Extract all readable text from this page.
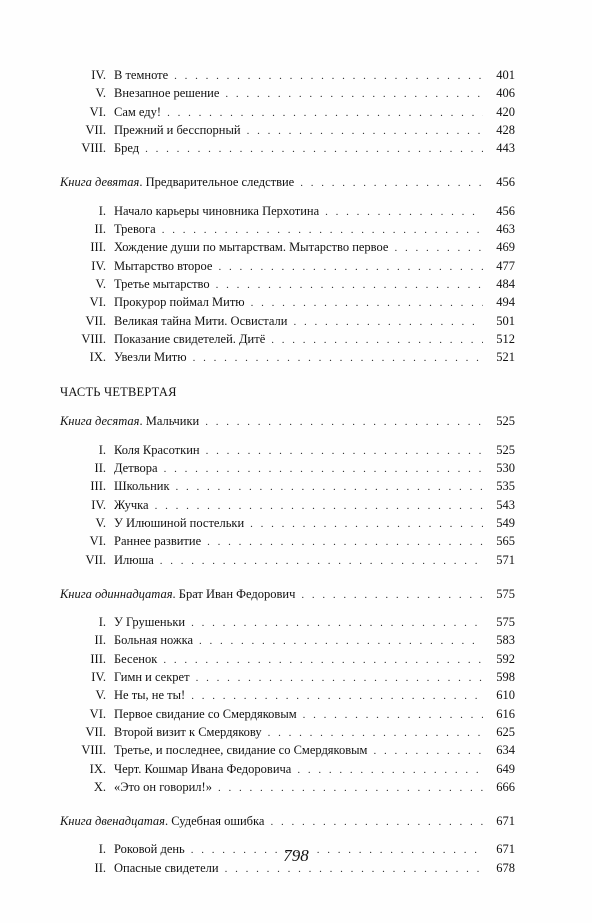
IV. В темноте . . .	401
V. Внезапное решение . . .	406
VI. Сам еду! . . .	420
VII. Прежний и бесспорный . . .	428
VIII. Бред . . .	443
Книга девятая. Предварительное следствие . . .	456
I. Начало карьеры чиновника Перхотина . . .	456
II. Тревога . . .	463
III. Хождение души по мытарствам. Мытарство первое . . .	469
IV. Мытарство второе . . .	477
V. Третье мытарство . . .	484
VI. Прокурор поймал Митю . . .	494
VII. Великая тайна Мити. Освистали . . .	501
VIII. Показание свидетелей. Дитё . . .	512
IX. Увезли Митю . . .	521
ЧАСТЬ ЧЕТВЕРТАЯ
Книга десятая. Мальчики . . .	525
I. Коля Красоткин . . .	525
II. Детвора . . .	530
III. Школьник . . .	535
IV. Жучка . . .	543
V. У Илюшиной постельки . . .	549
VI. Раннее развитие . . .	565
VII. Илюша . . .	571
Книга одиннадцатая. Брат Иван Федорович . . .	575
I. У Грушеньки . . .	575
II. Больная ножка . . .	583
III. Бесенок . . .	592
IV. Гимн и секрет . . .	598
V. Не ты, не ты! . . .	610
VI. Первое свидание со Смердяковым . . .	616
VII. Второй визит к Смердякову . . .	625
VIII. Третье, и последнее, свидание со Смердяковым . . .	634
IX. Черт. Кошмар Ивана Федоровича . . .	649
X. «Это он говорил!» . . .	666
Книга двенадцатая. Судебная ошибка . . .	671
I. Роковой день . . .	671
II. Опасные свидетели . . .	678
798
